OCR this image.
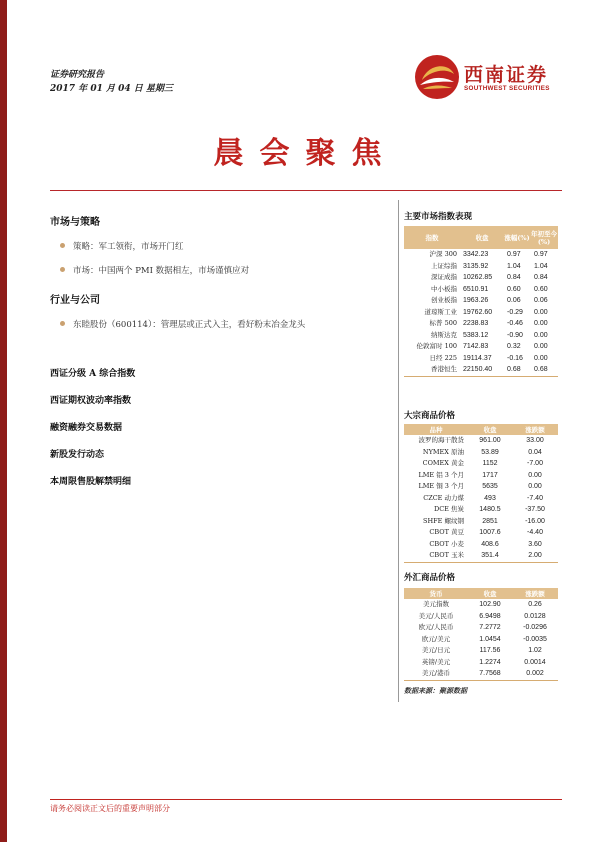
证券研究报告
2017 年 01 月 04 日 星期三
西南证券
SOUTHWEST SECURITIES
晨会聚焦
市场与策略
策略：军工领衔，市场开门红
市场：中国两个 PMI 数据相左，市场谨慎应对
行业与公司
东睦股份（600114）：管理层或正式入主，看好粉末冶金龙头
西证分级 A 综合指数
西证期权波动率指数
融资融券交易数据
新股发行动态
本周限售股解禁明细
主要市场指数表现
指数	收盘	涨幅(%)	年初至今(%)
沪深 300	3342.23	0.97	0.97
上证综指	3135.92	1.04	1.04
深证成指	10262.85	0.84	0.84
中小板指	6510.91	0.60	0.60
创业板指	1963.26	0.06	0.06
道琼斯工业	19762.60	-0.29	0.00
标普 500	2238.83	-0.46	0.00
纳斯达克	5383.12	-0.90	0.00
伦敦富时 100	7142.83	0.32	0.00
日经 225	19114.37	-0.16	0.00
香港恒生	22150.40	0.68	0.68
大宗商品价格
品种	收盘	涨跌额
波罗的海干散货	961.00	33.00
NYMEX 原油	53.89	0.04
COMEX 黄金	1152	-7.00
LME 铝 3 个月	1717	0.00
LME 铜 3 个月	5635	0.00
CZCE 动力煤	493	-7.40
DCE 焦炭	1480.5	-37.50
SHFE 螺纹钢	2851	-16.00
CBOT 黄豆	1007.6	-4.40
CBOT 小麦	408.6	3.60
CBOT 玉米	351.4	2.00
外汇商品价格
货币	收盘	涨跌额
美元指数	102.90	0.26
美元/人民币	6.9498	0.0128
欧元/人民币	7.2772	-0.0296
欧元/美元	1.0454	-0.0035
美元/日元	117.56	1.02
英镑/美元	1.2274	0.0014
美元/港币	7.7568	0.002
数据来源：聚源数据
请务必阅读正文后的重要声明部分
